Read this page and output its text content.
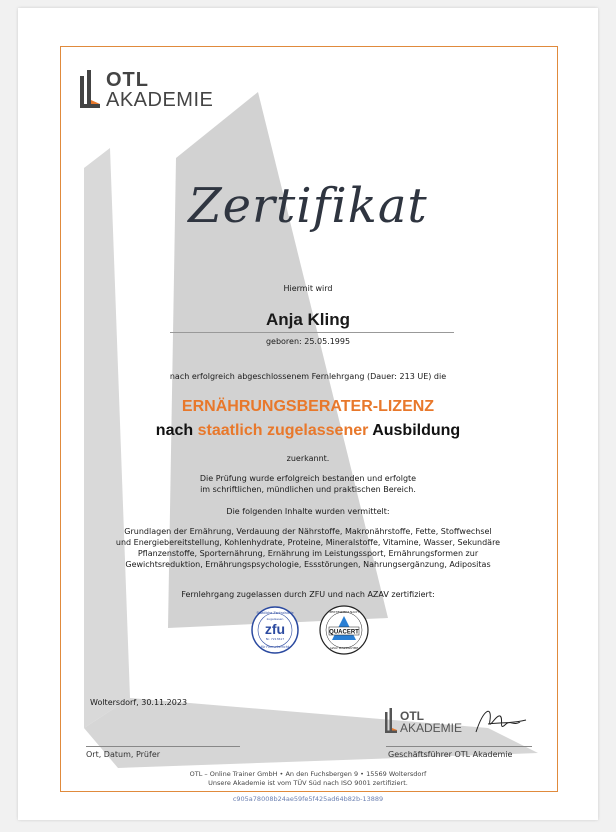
OTL
AKADEMIE
Zertifikat
Hiermit wird
Anja Kling
geboren: 25.05.1995
nach erfolgreich abgeschlossenem Fernlehrgang (Dauer: 213 UE) die
ERNÄHRUNGSBERATER-LIZENZ
nach staatlich zugelassener Ausbildung
zuerkannt.
Die Prüfung wurde erfolgreich bestanden und erfolgte
im schriftlichen, mündlichen und praktischen Bereich.
Die folgenden Inhalte wurden vermittelt:
Grundlagen der Ernährung, Verdauung der Nährstoffe, Makronährstoffe, Fette, Stoffwechsel
und Energiebereitstellung, Kohlenhydrate, Proteine, Mineralstoffe, Vitamine, Wasser, Sekundäre
Pflanzenstoffe, Sporternährung, Ernährung im Leistungssport, Ernährungsformen zur
Gewichtsreduktion, Ernährungspsychologie, Essstörungen, Nahrungsergänzung, Adipositas
Fernlehrgang zugelassen durch ZFU und nach AZAV zertifiziert:
Staatliche Zentralstelle
zugelassen
zfu
Nr. 7213617
für Fernunterricht
ZERTIFIZIERT NACH
QUACERT
AZAV MASSNAHME
Woltersdorf, 30.11.2023
OTL
AKADEMIE
Ort, Datum, Prüfer	Geschäftsführer OTL Akademie
OTL – Online Trainer GmbH • An den Fuchsbergen 9 • 15569 Woltersdorf
Unsere Akademie ist vom TÜV Süd nach ISO 9001 zertifiziert.
c905a78008b24ae59fe5f425ad64b82b-13889
